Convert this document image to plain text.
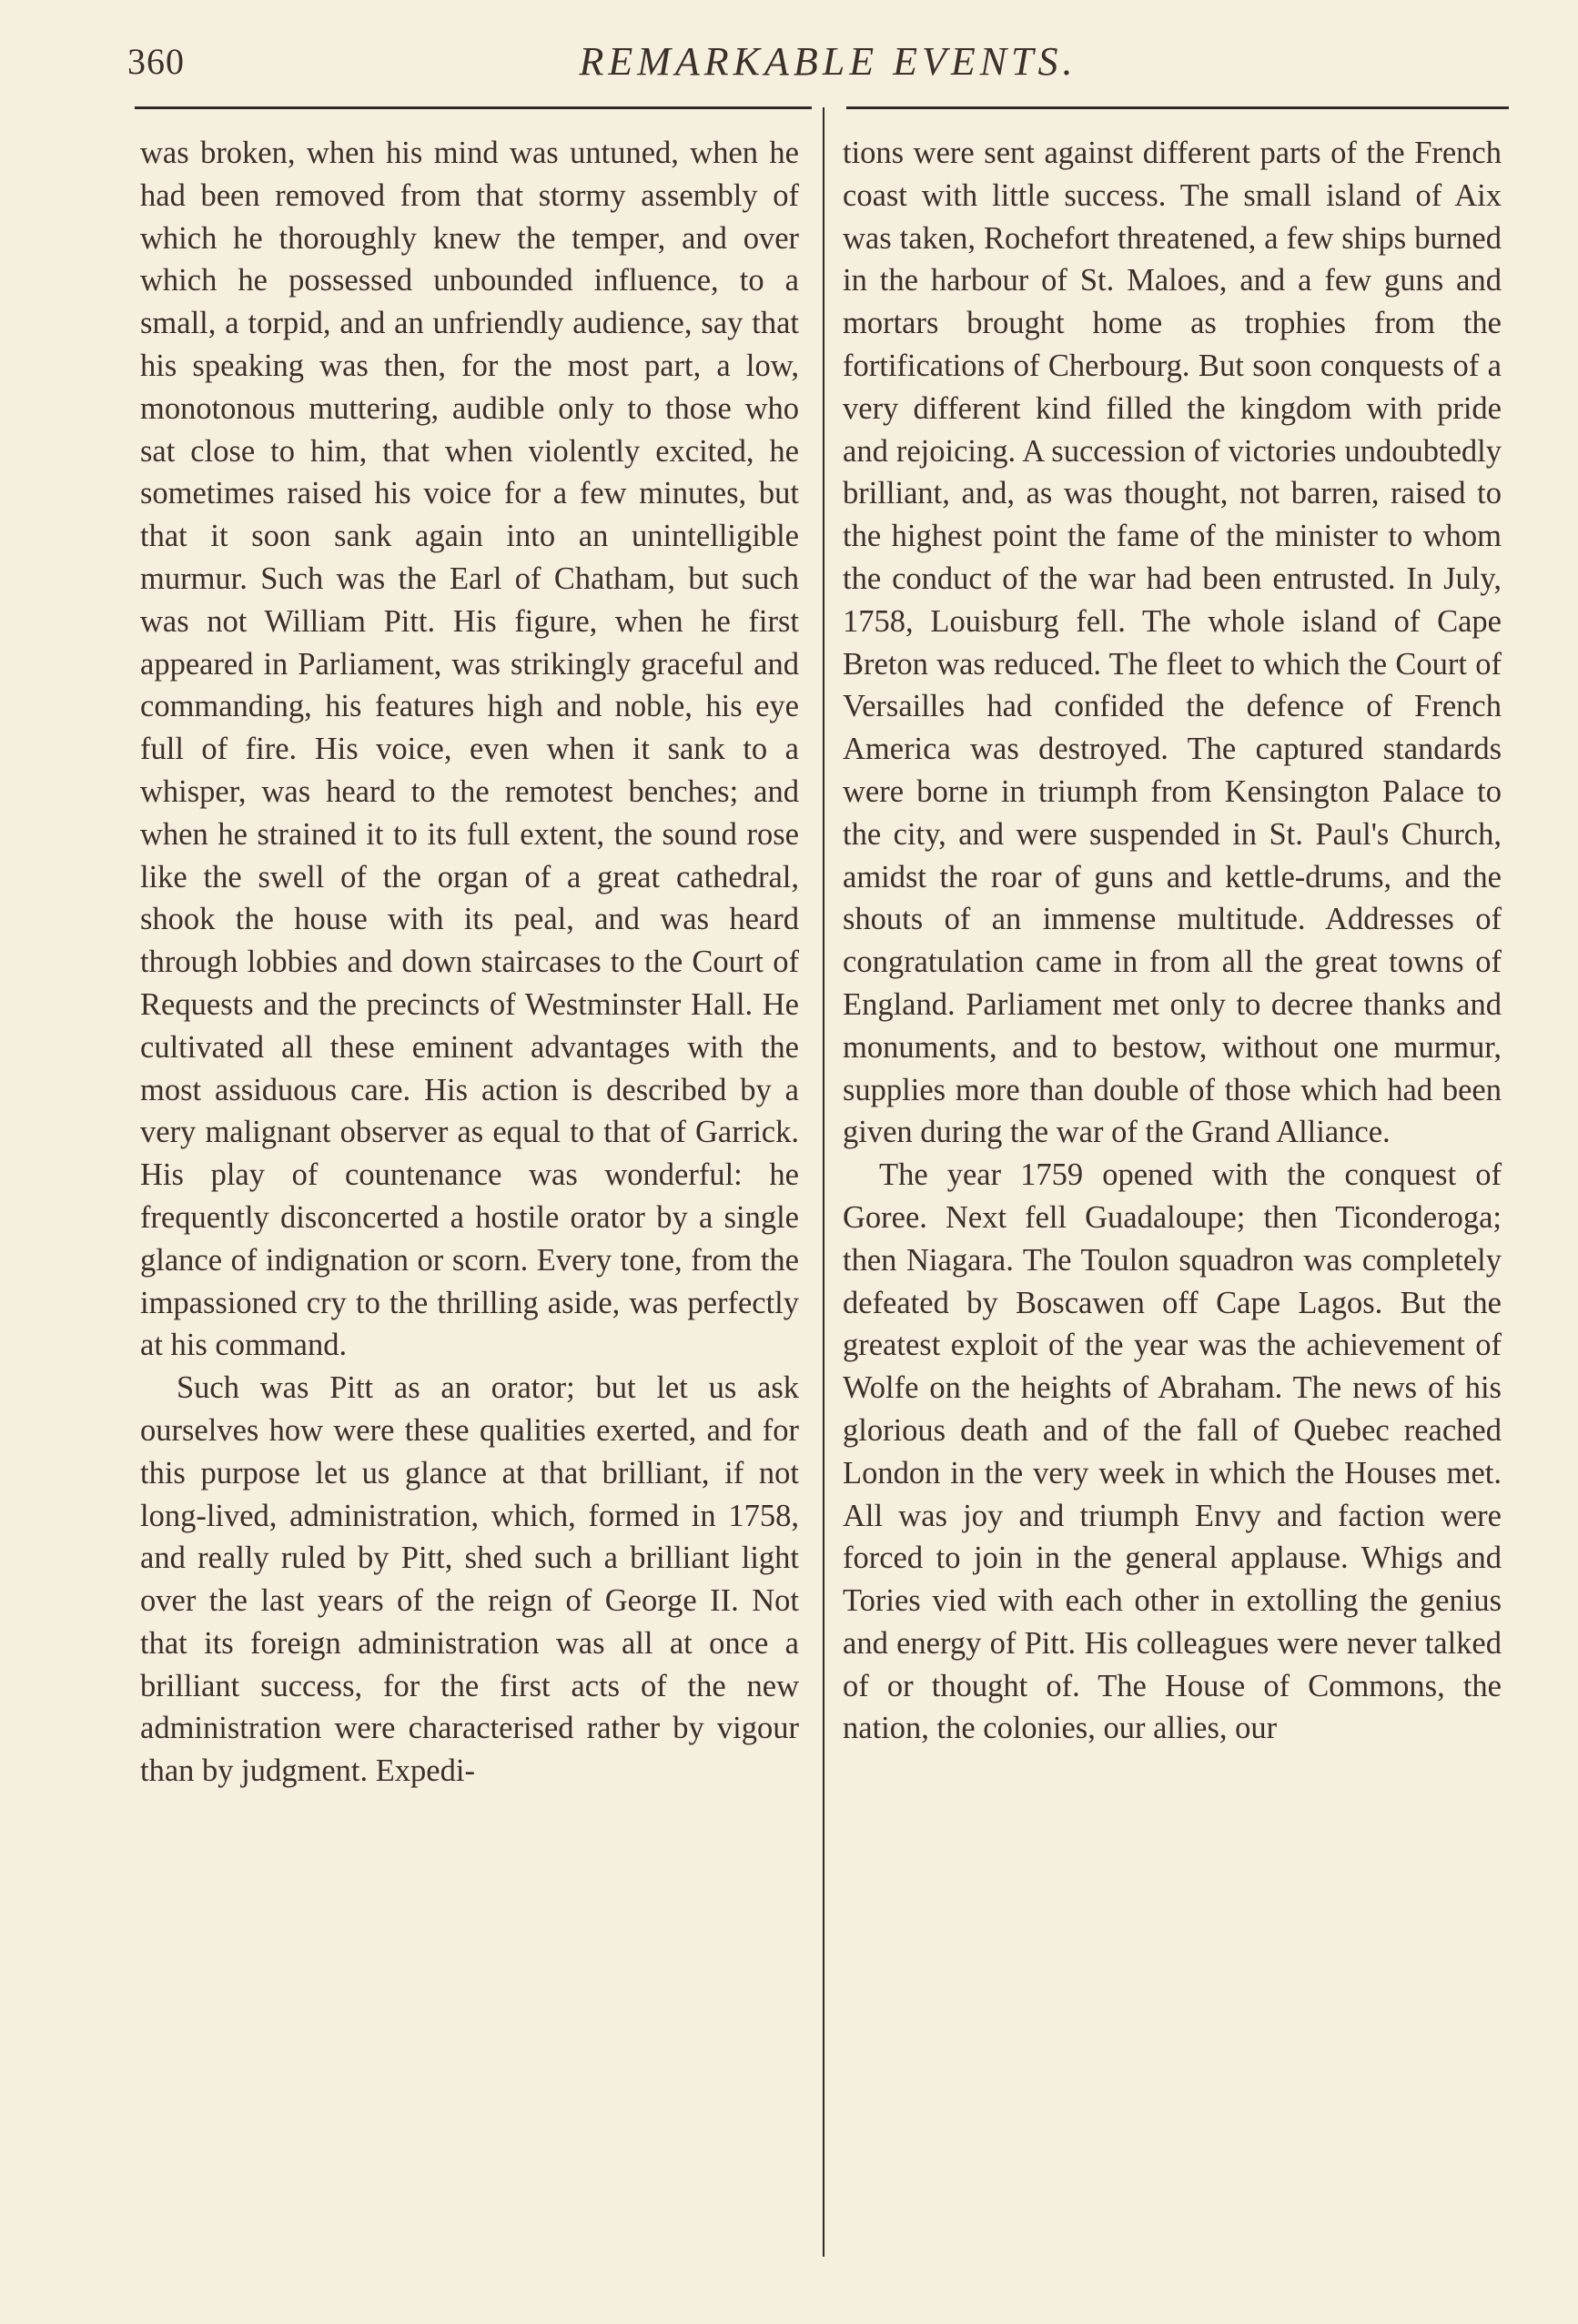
360	REMARKABLE EVENTS.

was broken, when his mind was untuned, when he had been removed from that stormy assembly of which he thoroughly knew the temper, and over which he possessed unbounded influence, to a small, a torpid, and an unfriendly audience, say that his speaking was then, for the most part, a low, monotonous muttering, audible only to those who sat close to him, that when violently excited, he sometimes raised his voice for a few minutes, but that it soon sank again into an unintelligible murmur. Such was the Earl of Chatham, but such was not William Pitt. His figure, when he first appeared in Parliament, was strikingly graceful and commanding, his features high and noble, his eye full of fire. His voice, even when it sank to a whisper, was heard to the remotest benches; and when he strained it to its full extent, the sound rose like the swell of the organ of a great cathedral, shook the house with its peal, and was heard through lobbies and down staircases to the Court of Requests and the precincts of Westminster Hall. He cultivated all these eminent advantages with the most assiduous care. His action is described by a very malignant observer as equal to that of Garrick. His play of countenance was wonderful: he frequently disconcerted a hostile orator by a single glance of indignation or scorn. Every tone, from the impassioned cry to the thrilling aside, was perfectly at his command.

Such was Pitt as an orator; but let us ask ourselves how were these qualities exerted, and for this purpose let us glance at that brilliant, if not long-lived, administration, which, formed in 1758, and really ruled by Pitt, shed such a brilliant light over the last years of the reign of George II. Not that its foreign administration was all at once a brilliant success, for the first acts of the new administration were characterised rather by vigour than by judgment. Expedi-

tions were sent against different parts of the French coast with little success. The small island of Aix was taken, Rochefort threatened, a few ships burned in the harbour of St. Maloes, and a few guns and mortars brought home as trophies from the fortifications of Cherbourg. But soon conquests of a very different kind filled the kingdom with pride and rejoicing. A succession of victories undoubtedly brilliant, and, as was thought, not barren, raised to the highest point the fame of the minister to whom the conduct of the war had been entrusted. In July, 1758, Louisburg fell. The whole island of Cape Breton was reduced. The fleet to which the Court of Versailles had confided the defence of French America was destroyed. The captured standards were borne in triumph from Kensington Palace to the city, and were suspended in St. Paul's Church, amidst the roar of guns and kettle-drums, and the shouts of an immense multitude. Addresses of congratulation came in from all the great towns of England. Parliament met only to decree thanks and monuments, and to bestow, without one murmur, supplies more than double of those which had been given during the war of the Grand Alliance.

The year 1759 opened with the conquest of Goree. Next fell Guadaloupe; then Ticonderoga; then Niagara. The Toulon squadron was completely defeated by Boscawen off Cape Lagos. But the greatest exploit of the year was the achievement of Wolfe on the heights of Abraham. The news of his glorious death and of the fall of Quebec reached London in the very week in which the Houses met. All was joy and triumph Envy and faction were forced to join in the general applause. Whigs and Tories vied with each other in extolling the genius and energy of Pitt. His colleagues were never talked of or thought of. The House of Commons, the nation, the colonies, our allies, our
